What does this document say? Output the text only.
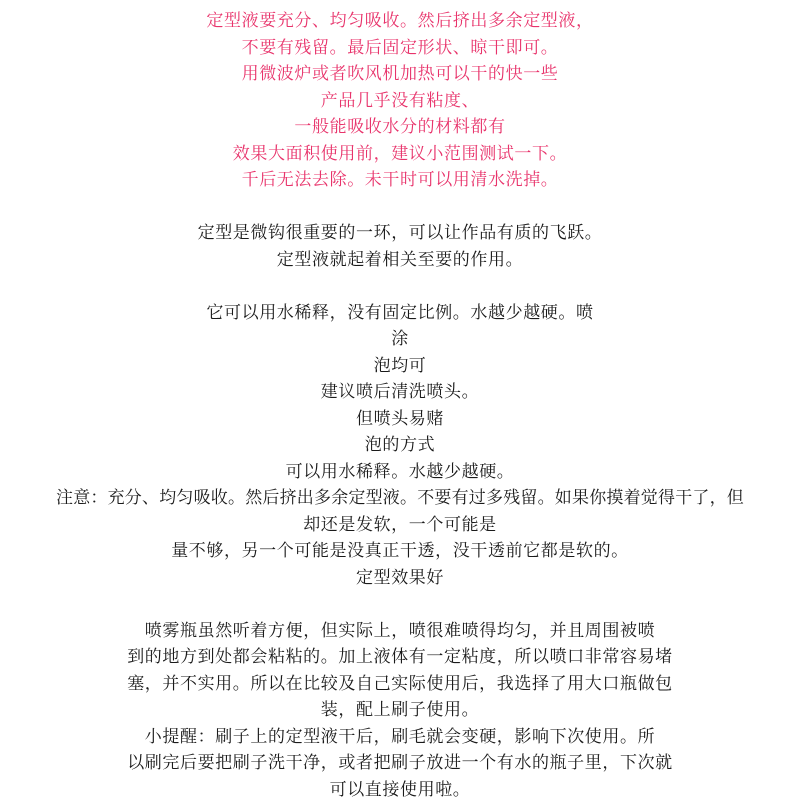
定型液要充分、均匀吸收。然后挤出多余定型液，
不要有残留。最后固定形状、晾干即可。
用微波炉或者吹风机加热可以干的快一些
产品几乎没有粘度、
一般能吸收水分的材料都有
效果大面积使用前，建议小范围测试一下。
千后无法去除。未干时可以用清水洗掉。
定型是微钩很重要的一环，可以让作品有质的飞跃。
定型液就起着相关至要的作用。
它可以用水稀释，没有固定比例。水越少越硬。喷
涂
泡均可
建议喷后清洗喷头。
但喷头易赌
泡的方式
可以用水稀释。水越少越硬。
注意：充分、均匀吸收。然后挤出多余定型液。不要有过多残留。如果你摸着觉得干了，但
却还是发软，一个可能是
量不够，另一个可能是没真正干透，没干透前它都是软的。
定型效果好
喷雾瓶虽然听着方便，但实际上，喷很难喷得均匀，并且周围被喷
到的地方到处都会粘粘的。加上液体有一定粘度，所以喷口非常容易堵
塞，并不实用。所以在比较及自己实际使用后，我选择了用大口瓶做包
装，配上刷子使用。
小提醒：刷子上的定型液干后，刷毛就会变硬，影响下次使用。所
以刷完后要把刷子洗干净，或者把刷子放进一个有水的瓶子里，下次就
可以直接使用啦。
